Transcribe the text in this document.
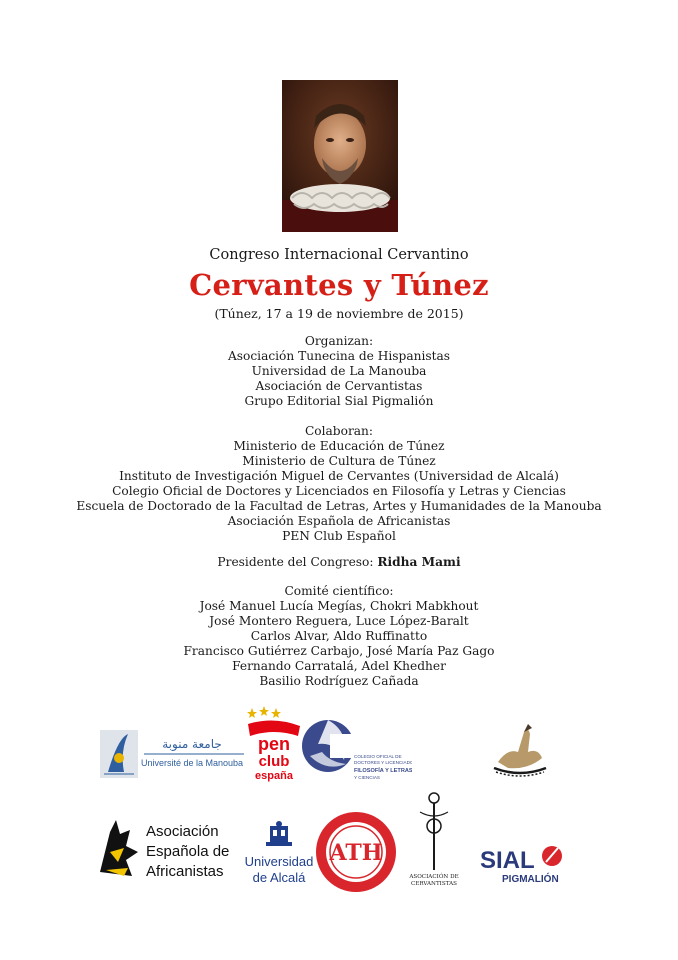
Congreso Internacional Cervantino
Cervantes y Túnez
(Túnez, 17 a 19 de noviembre de 2015)
Organizan:
Asociación Tunecina de Hispanistas
Universidad de La Manouba
Asociación de Cervantistas
Grupo Editorial Sial Pigmalión
Colaboran:
Ministerio de Educación de Túnez
Ministerio de Cultura de Túnez
Instituto de Investigación Miguel de Cervantes (Universidad de Alcalá)
Colegio Oficial de Doctores y Licenciados en Filosofía y Letras y Ciencias
Escuela de Doctorado de la Facultad de Letras, Artes y Humanidades de la Manouba
Asociación Española de Africanistas
PEN Club Español
Presidente del Congreso: Ridha Mami
Comité científico:
José Manuel Lucía Megías, Chokri Mabkhout
José Montero Reguera, Luce López-Baralt
Carlos Alvar, Aldo Ruffinatto
Francisco Gutiérrez Carbajo, José María Paz Gago
Fernando Carratalá, Adel Khedher
Basilio Rodríguez Cañada
جامعة منوبة
Université de la Manouba
pen
club
españa
COLEGIO OFICIAL DE
DOCTORES Y LICENCIADOS
FILOSOFÍA Y LETRAS
Y CIENCIAS
Asociación
Española de
Africanistas
Universidad
de Alcalá
ATH
ASOCIACIÓN DE
CERVANTISTAS
SIAL
PIGMALIÓN
